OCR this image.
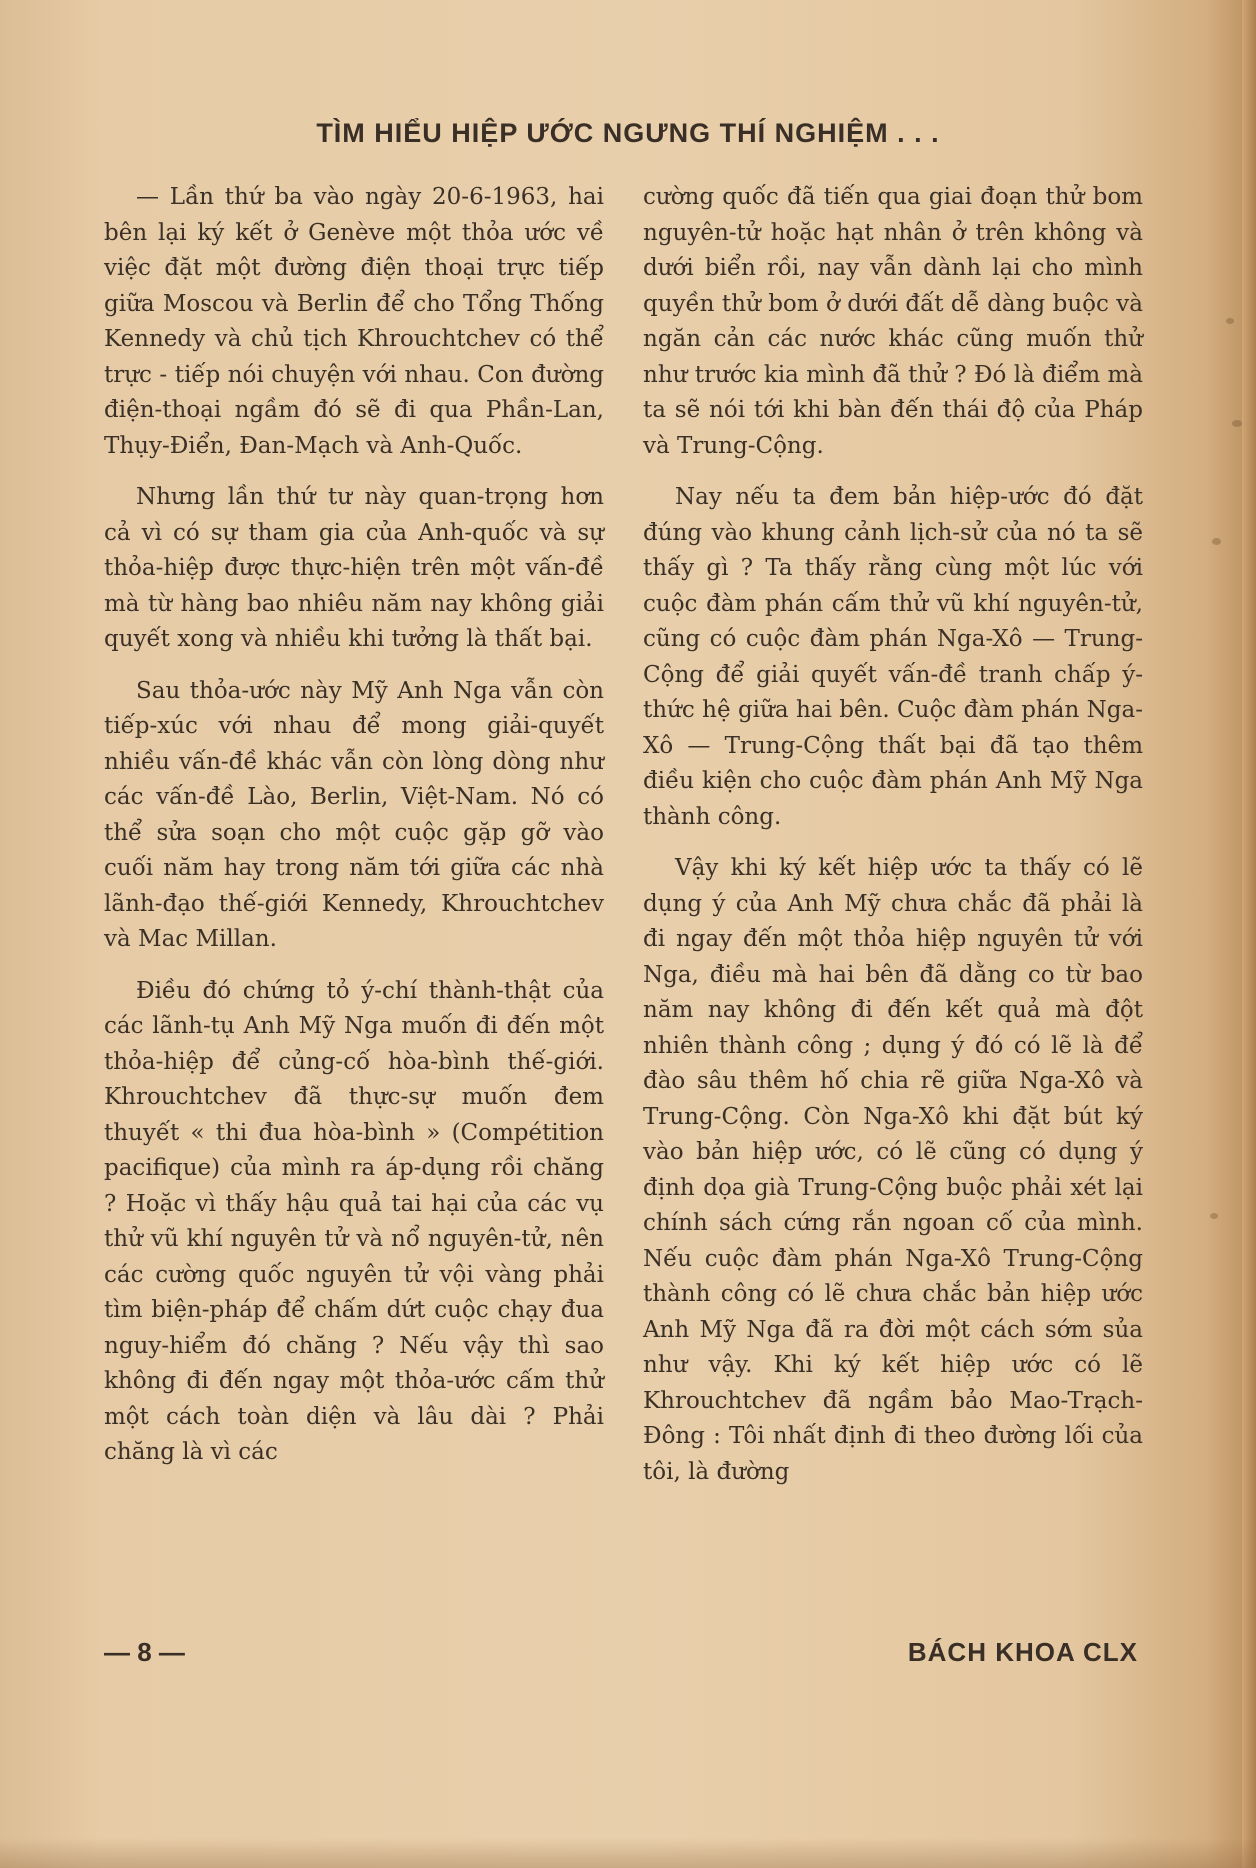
TÌM HIỂU HIỆP ƯỚC NGƯNG THÍ NGHIỆM . . .

— Lần thứ ba vào ngày 20-6-1963, hai bên lại ký kết ở Genève một thỏa ước về việc đặt một đường điện thoại trực tiếp giữa Moscou và Berlin để cho Tổng Thống Kennedy và chủ tịch Khrouchtchev có thể trực - tiếp nói chuyện với nhau. Con đường điện-thoại ngầm đó sẽ đi qua Phần-Lan, Thụy-Điển, Đan-Mạch và Anh-Quốc.

Nhưng lần thứ tư này quan-trọng hơn cả vì có sự tham gia của Anh-quốc và sự thỏa-hiệp được thực-hiện trên một vấn-đề mà từ hàng bao nhiêu năm nay không giải quyết xong và nhiều khi tưởng là thất bại.

Sau thỏa-ước này Mỹ Anh Nga vẫn còn tiếp-xúc với nhau để mong giải-quyết nhiều vấn-đề khác vẫn còn lòng dòng như các vấn-đề Lào, Berlin, Việt-Nam. Nó có thể sửa soạn cho một cuộc gặp gỡ vào cuối năm hay trong năm tới giữa các nhà lãnh-đạo thế-giới Kennedy, Khrouchtchev và Mac Millan.

Điều đó chứng tỏ ý-chí thành-thật của các lãnh-tụ Anh Mỹ Nga muốn đi đến một thỏa-hiệp để củng-cố hòa-bình thế-giới. Khrouchtchev đã thực-sự muốn đem thuyết « thi đua hòa-bình » (Compétition pacifique) của mình ra áp-dụng rồi chăng ? Hoặc vì thấy hậu quả tai hại của các vụ thử vũ khí nguyên tử và nổ nguyên-tử, nên các cường quốc nguyên tử vội vàng phải tìm biện-pháp để chấm dứt cuộc chạy đua nguy-hiểm đó chăng ? Nếu vậy thì sao không đi đến ngay một thỏa-ước cấm thử một cách toàn diện và lâu dài ? Phải chăng là vì các

cường quốc đã tiến qua giai đoạn thử bom nguyên-tử hoặc hạt nhân ở trên không và dưới biển rồi, nay vẫn dành lại cho mình quyền thử bom ở dưới đất dễ dàng buộc và ngăn cản các nước khác cũng muốn thử như trước kia mình đã thử ? Đó là điểm mà ta sẽ nói tới khi bàn đến thái độ của Pháp và Trung-Cộng.

Nay nếu ta đem bản hiệp-ước đó đặt đúng vào khung cảnh lịch-sử của nó ta sẽ thấy gì ? Ta thấy rằng cùng một lúc với cuộc đàm phán cấm thử vũ khí nguyên-tử, cũng có cuộc đàm phán Nga-Xô — Trung-Cộng để giải quyết vấn-đề tranh chấp ý-thức hệ giữa hai bên. Cuộc đàm phán Nga-Xô — Trung-Cộng thất bại đã tạo thêm điều kiện cho cuộc đàm phán Anh Mỹ Nga thành công.

Vậy khi ký kết hiệp ước ta thấy có lẽ dụng ý của Anh Mỹ chưa chắc đã phải là đi ngay đến một thỏa hiệp nguyên tử với Nga, điều mà hai bên đã dằng co từ bao năm nay không đi đến kết quả mà đột nhiên thành công ; dụng ý đó có lẽ là để đào sâu thêm hố chia rẽ giữa Nga-Xô và Trung-Cộng. Còn Nga-Xô khi đặt bút ký vào bản hiệp ước, có lẽ cũng có dụng ý định dọa già Trung-Cộng buộc phải xét lại chính sách cứng rắn ngoan cố của mình. Nếu cuộc đàm phán Nga-Xô Trung-Cộng thành công có lẽ chưa chắc bản hiệp ước Anh Mỹ Nga đã ra đời một cách sớm sủa như vậy. Khi ký kết hiệp ước có lẽ Khrouchtchev đã ngầm bảo Mao-Trạch-Đông : Tôi nhất định đi theo đường lối của tôi, là đường

— 8 —	BÁCH KHOA CLX
